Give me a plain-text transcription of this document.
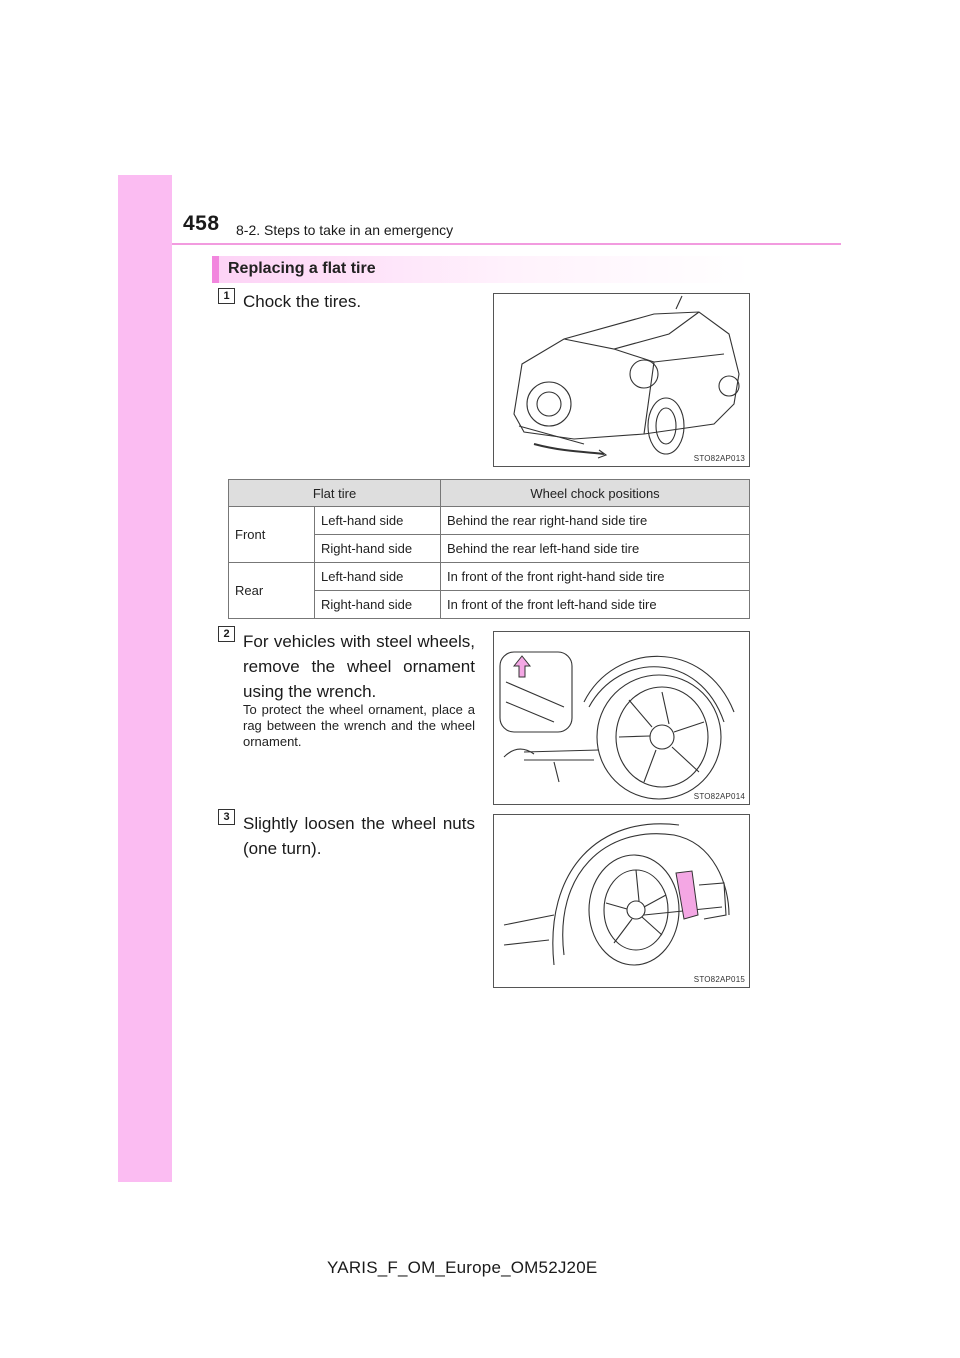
458 8-2. Steps to take in an emergency
Replacing a flat tire
1 Chock the tires.
STO82AP013
Flat tire		Wheel chock positions
Front	Left-hand side	Behind the rear right-hand side tire
	Right-hand side	Behind the rear left-hand side tire
Rear	Left-hand side	In front of the front right-hand side tire
	Right-hand side	In front of the front left-hand side tire
2 For vehicles with steel wheels, remove the wheel ornament using the wrench.
To protect the wheel ornament, place a rag between the wrench and the wheel ornament.
STO82AP014
3 Slightly loosen the wheel nuts (one turn).
STO82AP015
YARIS_F_OM_Europe_OM52J20E
